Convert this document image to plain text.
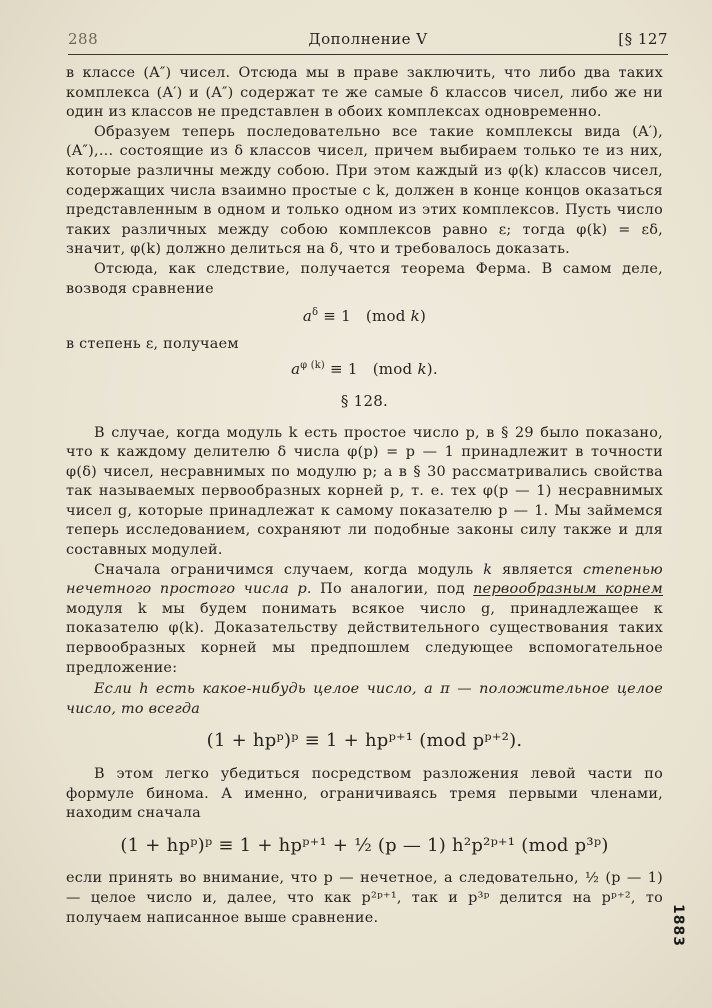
288	Дополнение V	[§ 127

в классе (A″) чисел. Отсюда мы в праве заключить, что либо два таких комплекса (A′) и (A″) содержат те же самые δ классов чисел, либо же ни один из классов не представлен в обоих комплексах одновременно.

Образуем теперь последовательно все такие комплексы вида (A′), (A″),... состоящие из δ классов чисел, причем выбираем только те из них, которые различны между собою. При этом каждый из φ(k) классов чисел, содержащих числа взаимно простые с k, должен в конце концов оказаться представленным в одном и только одном из этих комплексов. Пусть число таких различных между собою комплексов равно ε; тогда φ(k) = εδ, значит, φ(k) должно делиться на δ, что и требовалось доказать.

Отсюда, как следствие, получается теорема Ферма. В самом деле, возводя сравнение

$a^\delta \equiv 1$   (mod k)

в степень ε, получаем

$a^{\varphi (k)} \equiv 1$   (mod k).

§ 128.

В случае, когда модуль k есть простое число p, в § 29 было показано, что к каждому делителю δ числа φ(p) = p — 1 принадлежит в точности φ(δ) чисел, несравнимых по модулю p; а в § 30 рассматривались свойства так называемых первообразных корней p, т. е. тех φ(p — 1) несравнимых чисел g, которые принадлежат к самому показателю p — 1. Мы займемся теперь исследованием, сохраняют ли подобные законы силу также и для составных модулей.

Сначала ограничимся случаем, когда модуль k является степенью нечетного простого числа p. По аналогии, под первообразным корнем модуля k мы будем понимать всякое число g, принадлежащее к показателю φ(k). Доказательству действительного существования таких первообразных корней мы предпошлем следующее вспомогательное предложение:

Если h есть какое-нибудь целое число, а π — положительное целое число, то всегда

(1 + hpᵖ)ᵖ ≡ 1 + hpᵖ⁺¹ (mod pᵖ⁺²).

В этом легко убедиться посредством разложения левой части по формуле бинома. А именно, ограничиваясь тремя первыми членами, находим сначала

(1 + hpᵖ)ᵖ ≡ 1 + hpᵖ⁺¹ + ½ (p — 1) h²p²ᵖ⁺¹ (mod p³ᵖ)

если принять во внимание, что p — нечетное, а следовательно, ½ (p — 1) — целое число и, далее, что как p²ᵖ⁺¹, так и p³ᵖ делится на pᵖ⁺², то получаем написанное выше сравнение.	1883
